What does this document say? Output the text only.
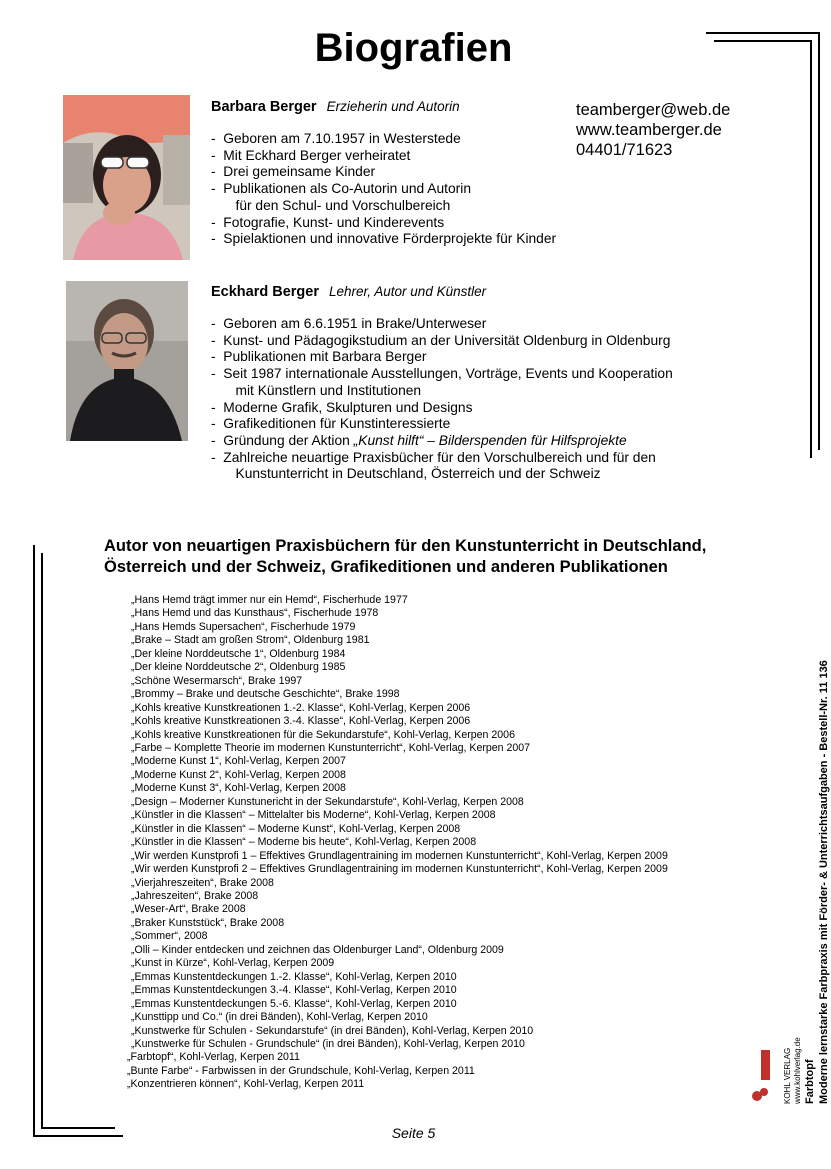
Biografien
Barbara Berger Erzieherin und Autorin
-  Geboren am 7.10.1957 in Westerstede
-  Mit Eckhard Berger verheiratet
-  Drei gemeinsame Kinder
-  Publikationen als Co-Autorin und Autorin
für den Schul- und Vorschulbereich
-  Fotografie, Kunst- und Kinderevents
-  Spielaktionen und innovative Förderprojekte für Kinder
teamberger@web.de
www.teamberger.de
04401/71623
Eckhard Berger Lehrer, Autor und Künstler
-  Geboren am 6.6.1951 in Brake/Unterweser
-  Kunst- und Pädagogikstudium an der Universität Oldenburg in Oldenburg
-  Publikationen mit Barbara Berger
-  Seit 1987 internationale Ausstellungen, Vorträge, Events und Kooperation
mit Künstlern und Institutionen
-  Moderne Grafik, Skulpturen und Designs
-  Grafikeditionen für Kunstinteressierte
-  Gründung der Aktion „Kunst hilft“ – Bilderspenden für Hilfsprojekte
-  Zahlreiche neuartige Praxisbücher für den Vorschulbereich und für den
Kunstunterricht in Deutschland, Österreich und der Schweiz
Autor von neuartigen Praxisbüchern für den Kunstunterricht in Deutschland, Österreich und der Schweiz, Grafikeditionen und anderen Publikationen
„Hans Hemd trägt immer nur ein Hemd“, Fischerhude 1977
„Hans Hemd und das Kunsthaus“, Fischerhude 1978
„Hans Hemds Supersachen“, Fischerhude 1979
„Brake – Stadt am großen Strom“, Oldenburg 1981
„Der kleine Norddeutsche 1“, Oldenburg 1984
„Der kleine Norddeutsche 2“, Oldenburg 1985
„Schöne Wesermarsch“, Brake 1997
„Brommy – Brake und deutsche Geschichte“, Brake 1998
„Kohls kreative Kunstkreationen 1.-2. Klasse“, Kohl-Verlag, Kerpen 2006
„Kohls kreative Kunstkreationen 3.-4. Klasse“, Kohl-Verlag, Kerpen 2006
„Kohls kreative Kunstkreationen für die Sekundarstufe“, Kohl-Verlag, Kerpen 2006
„Farbe – Komplette Theorie im modernen Kunstunterricht“, Kohl-Verlag, Kerpen 2007
„Moderne Kunst 1“, Kohl-Verlag, Kerpen 2007
„Moderne Kunst 2“, Kohl-Verlag, Kerpen 2008
„Moderne Kunst 3“, Kohl-Verlag, Kerpen 2008
„Design – Moderner Kunstunericht in der Sekundarstufe“, Kohl-Verlag, Kerpen 2008
„Künstler in die Klassen“ – Mittelalter bis Moderne“, Kohl-Verlag, Kerpen 2008
„Künstler in die Klassen“ – Moderne Kunst“, Kohl-Verlag, Kerpen 2008
„Künstler in die Klassen“ – Moderne bis heute“, Kohl-Verlag, Kerpen 2008
„Wir werden Kunstprofi 1 – Effektives Grundlagentraining im modernen Kunstunterricht“, Kohl-Verlag, Kerpen 2009
„Wir werden Kunstprofi 2 – Effektives Grundlagentraining im modernen Kunstunterricht“, Kohl-Verlag, Kerpen 2009
„Vierjahreszeiten“, Brake 2008
„Jahreszeiten“, Brake 2008
„Weser-Art“, Brake 2008
„Braker Kunststück“, Brake 2008
„Sommer“, 2008
„Olli – Kinder entdecken und zeichnen das Oldenburger Land“, Oldenburg 2009
„Kunst in Kürze“, Kohl-Verlag, Kerpen 2009
„Emmas Kunstentdeckungen 1.-2. Klasse“, Kohl-Verlag, Kerpen 2010
„Emmas Kunstentdeckungen 3.-4. Klasse“, Kohl-Verlag, Kerpen 2010
„Emmas Kunstentdeckungen 5.-6. Klasse“, Kohl-Verlag, Kerpen 2010
„Kunsttipp und Co.“ (in drei Bänden), Kohl-Verlag, Kerpen 2010
„Kunstwerke für Schulen - Sekundarstufe“ (in drei Bänden), Kohl-Verlag, Kerpen 2010
„Kunstwerke für Schulen - Grundschule“ (in drei Bänden), Kohl-Verlag, Kerpen 2010
„Farbtopf“, Kohl-Verlag, Kerpen 2011
„Bunte Farbe“ - Farbwissen in der Grundschule, Kohl-Verlag, Kerpen 2011
„Konzentrieren können“, Kohl-Verlag, Kerpen 2011	Farbtopf Moderne lernstarke Farbpraxis mit Förder- & Unterrichtsaufgaben - Bestell-Nr. 11 136
KOHL VERLAG www.kohlverlag.de
Seite 5
